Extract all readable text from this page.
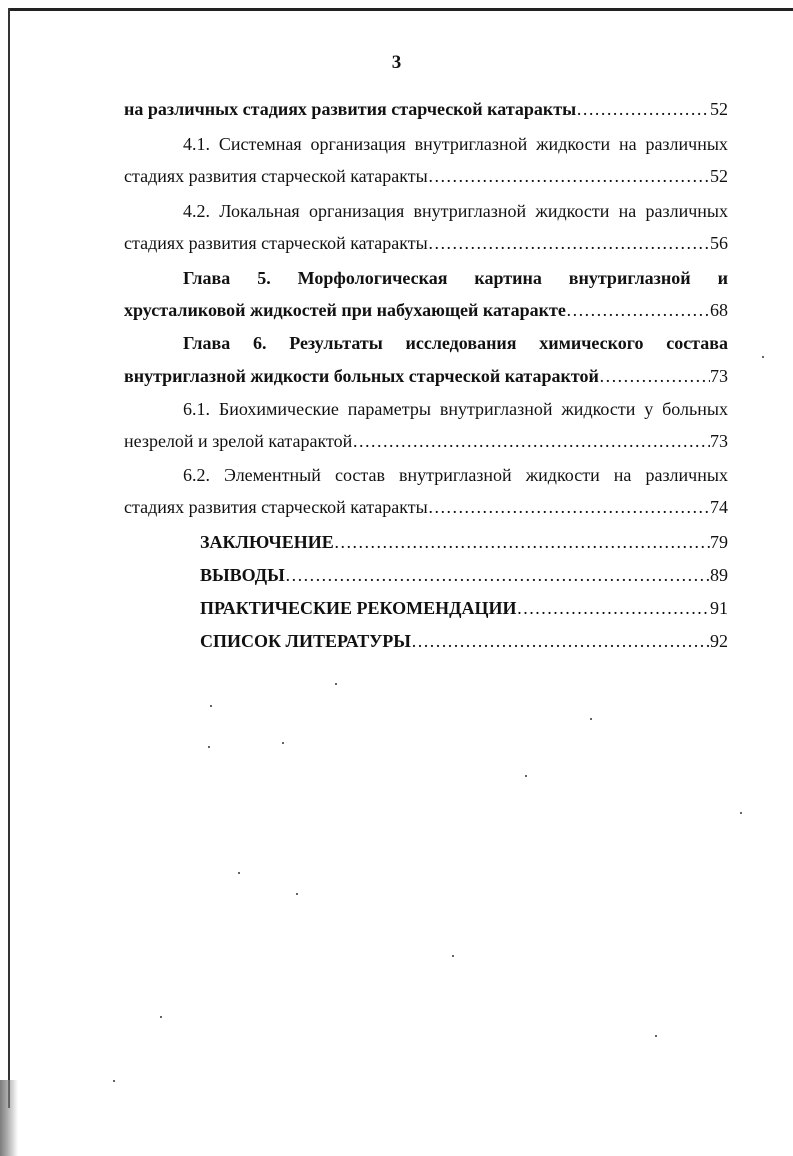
3
на различных стадиях развития старческой катаракты ………………………………………………………………………………………………………………………………	52
4.1. Системная организация внутриглазной жидкости на различных
стадиях развития старческой катаракты ………………………………………………………………………………………………………………………………	52
4.2. Локальная организация внутриглазной жидкости на различных
стадиях развития старческой катаракты ………………………………………………………………………………………………………………………………	56
Глава 5. Морфологическая картина внутриглазной и
хрусталиковой жидкостей при набухающей катаракте ………………………………………………………………………………………………………………………………	68
Глава 6. Результаты исследования химического состава
внутриглазной жидкости больных старческой катарактой ………………………………………………………………………………………………………………………………	73
6.1. Биохимические параметры внутриглазной жидкости у больных
незрелой и зрелой катарактой ………………………………………………………………………………………………………………………………	73
6.2. Элементный состав внутриглазной жидкости на различных
стадиях развития старческой катаракты ………………………………………………………………………………………………………………………………	74
ЗАКЛЮЧЕНИЕ ………………………………………………………………………………………………………………………………	79
ВЫВОДЫ ………………………………………………………………………………………………………………………………	89
ПРАКТИЧЕСКИЕ РЕКОМЕНДАЦИИ ………………………………………………………………………………………………………………………………	91
СПИСОК ЛИТЕРАТУРЫ ………………………………………………………………………………………………………………………………	92
